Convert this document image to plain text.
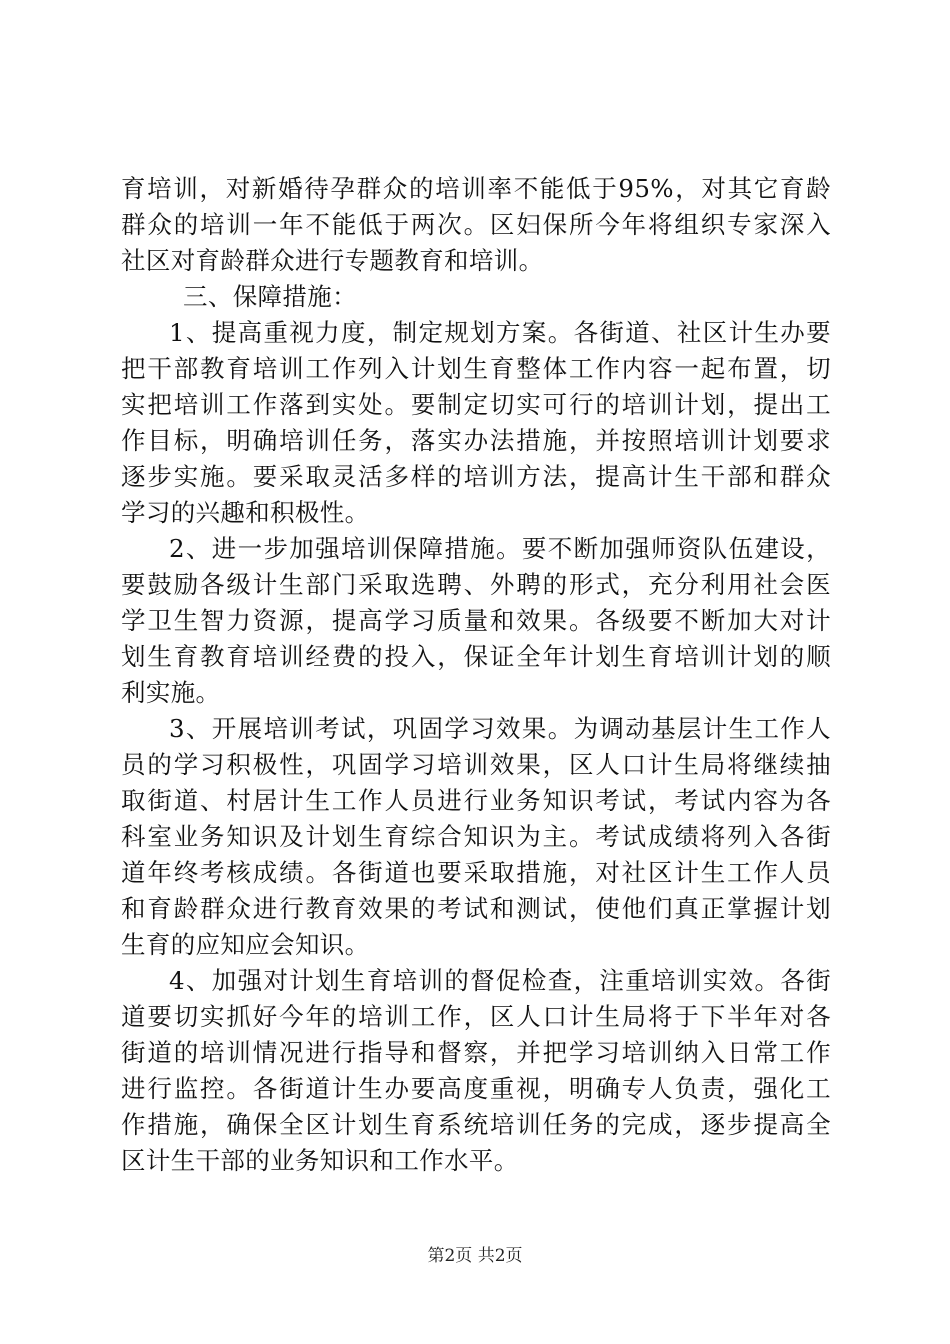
育培训，对新婚待孕群众的培训率不能低于95%，对其它育龄
群众的培训一年不能低于两次。区妇保所今年将组织专家深入
社区对育龄群众进行专题教育和培训。
三、保障措施：
1、提高重视力度，制定规划方案。各街道、社区计生办要
把干部教育培训工作列入计划生育整体工作内容一起布置，切
实把培训工作落到实处。要制定切实可行的培训计划，提出工
作目标，明确培训任务，落实办法措施，并按照培训计划要求
逐步实施。要采取灵活多样的培训方法，提高计生干部和群众
学习的兴趣和积极性。
2、进一步加强培训保障措施。要不断加强师资队伍建设，
要鼓励各级计生部门采取选聘、外聘的形式，充分利用社会医
学卫生智力资源，提高学习质量和效果。各级要不断加大对计
划生育教育培训经费的投入，保证全年计划生育培训计划的顺
利实施。
3、开展培训考试，巩固学习效果。为调动基层计生工作人
员的学习积极性，巩固学习培训效果，区人口计生局将继续抽
取街道、村居计生工作人员进行业务知识考试，考试内容为各
科室业务知识及计划生育综合知识为主。考试成绩将列入各街
道年终考核成绩。各街道也要采取措施，对社区计生工作人员
和育龄群众进行教育效果的考试和测试，使他们真正掌握计划
生育的应知应会知识。
4、加强对计划生育培训的督促检查，注重培训实效。各街
道要切实抓好今年的培训工作，区人口计生局将于下半年对各
街道的培训情况进行指导和督察，并把学习培训纳入日常工作
进行监控。各街道计生办要高度重视，明确专人负责，强化工
作措施，确保全区计划生育系统培训任务的完成，逐步提高全
区计生干部的业务知识和工作水平。
第2页 共2页
